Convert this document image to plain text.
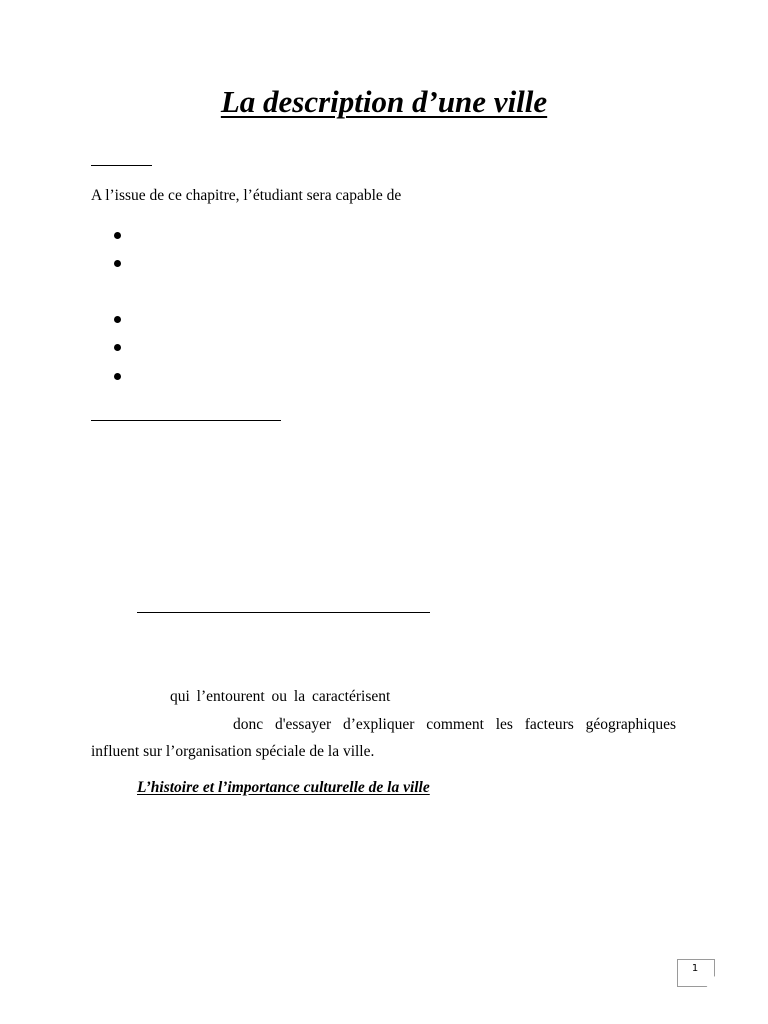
La description d’une ville
A l’issue de ce chapitre, l’étudiant sera capable de
qui l’entourent ou la caractérisent
donc d'essayer d’expliquer comment les facteurs géographiques
influent sur l’organisation spéciale de la ville.
L’histoire et l’importance culturelle de la ville
1
